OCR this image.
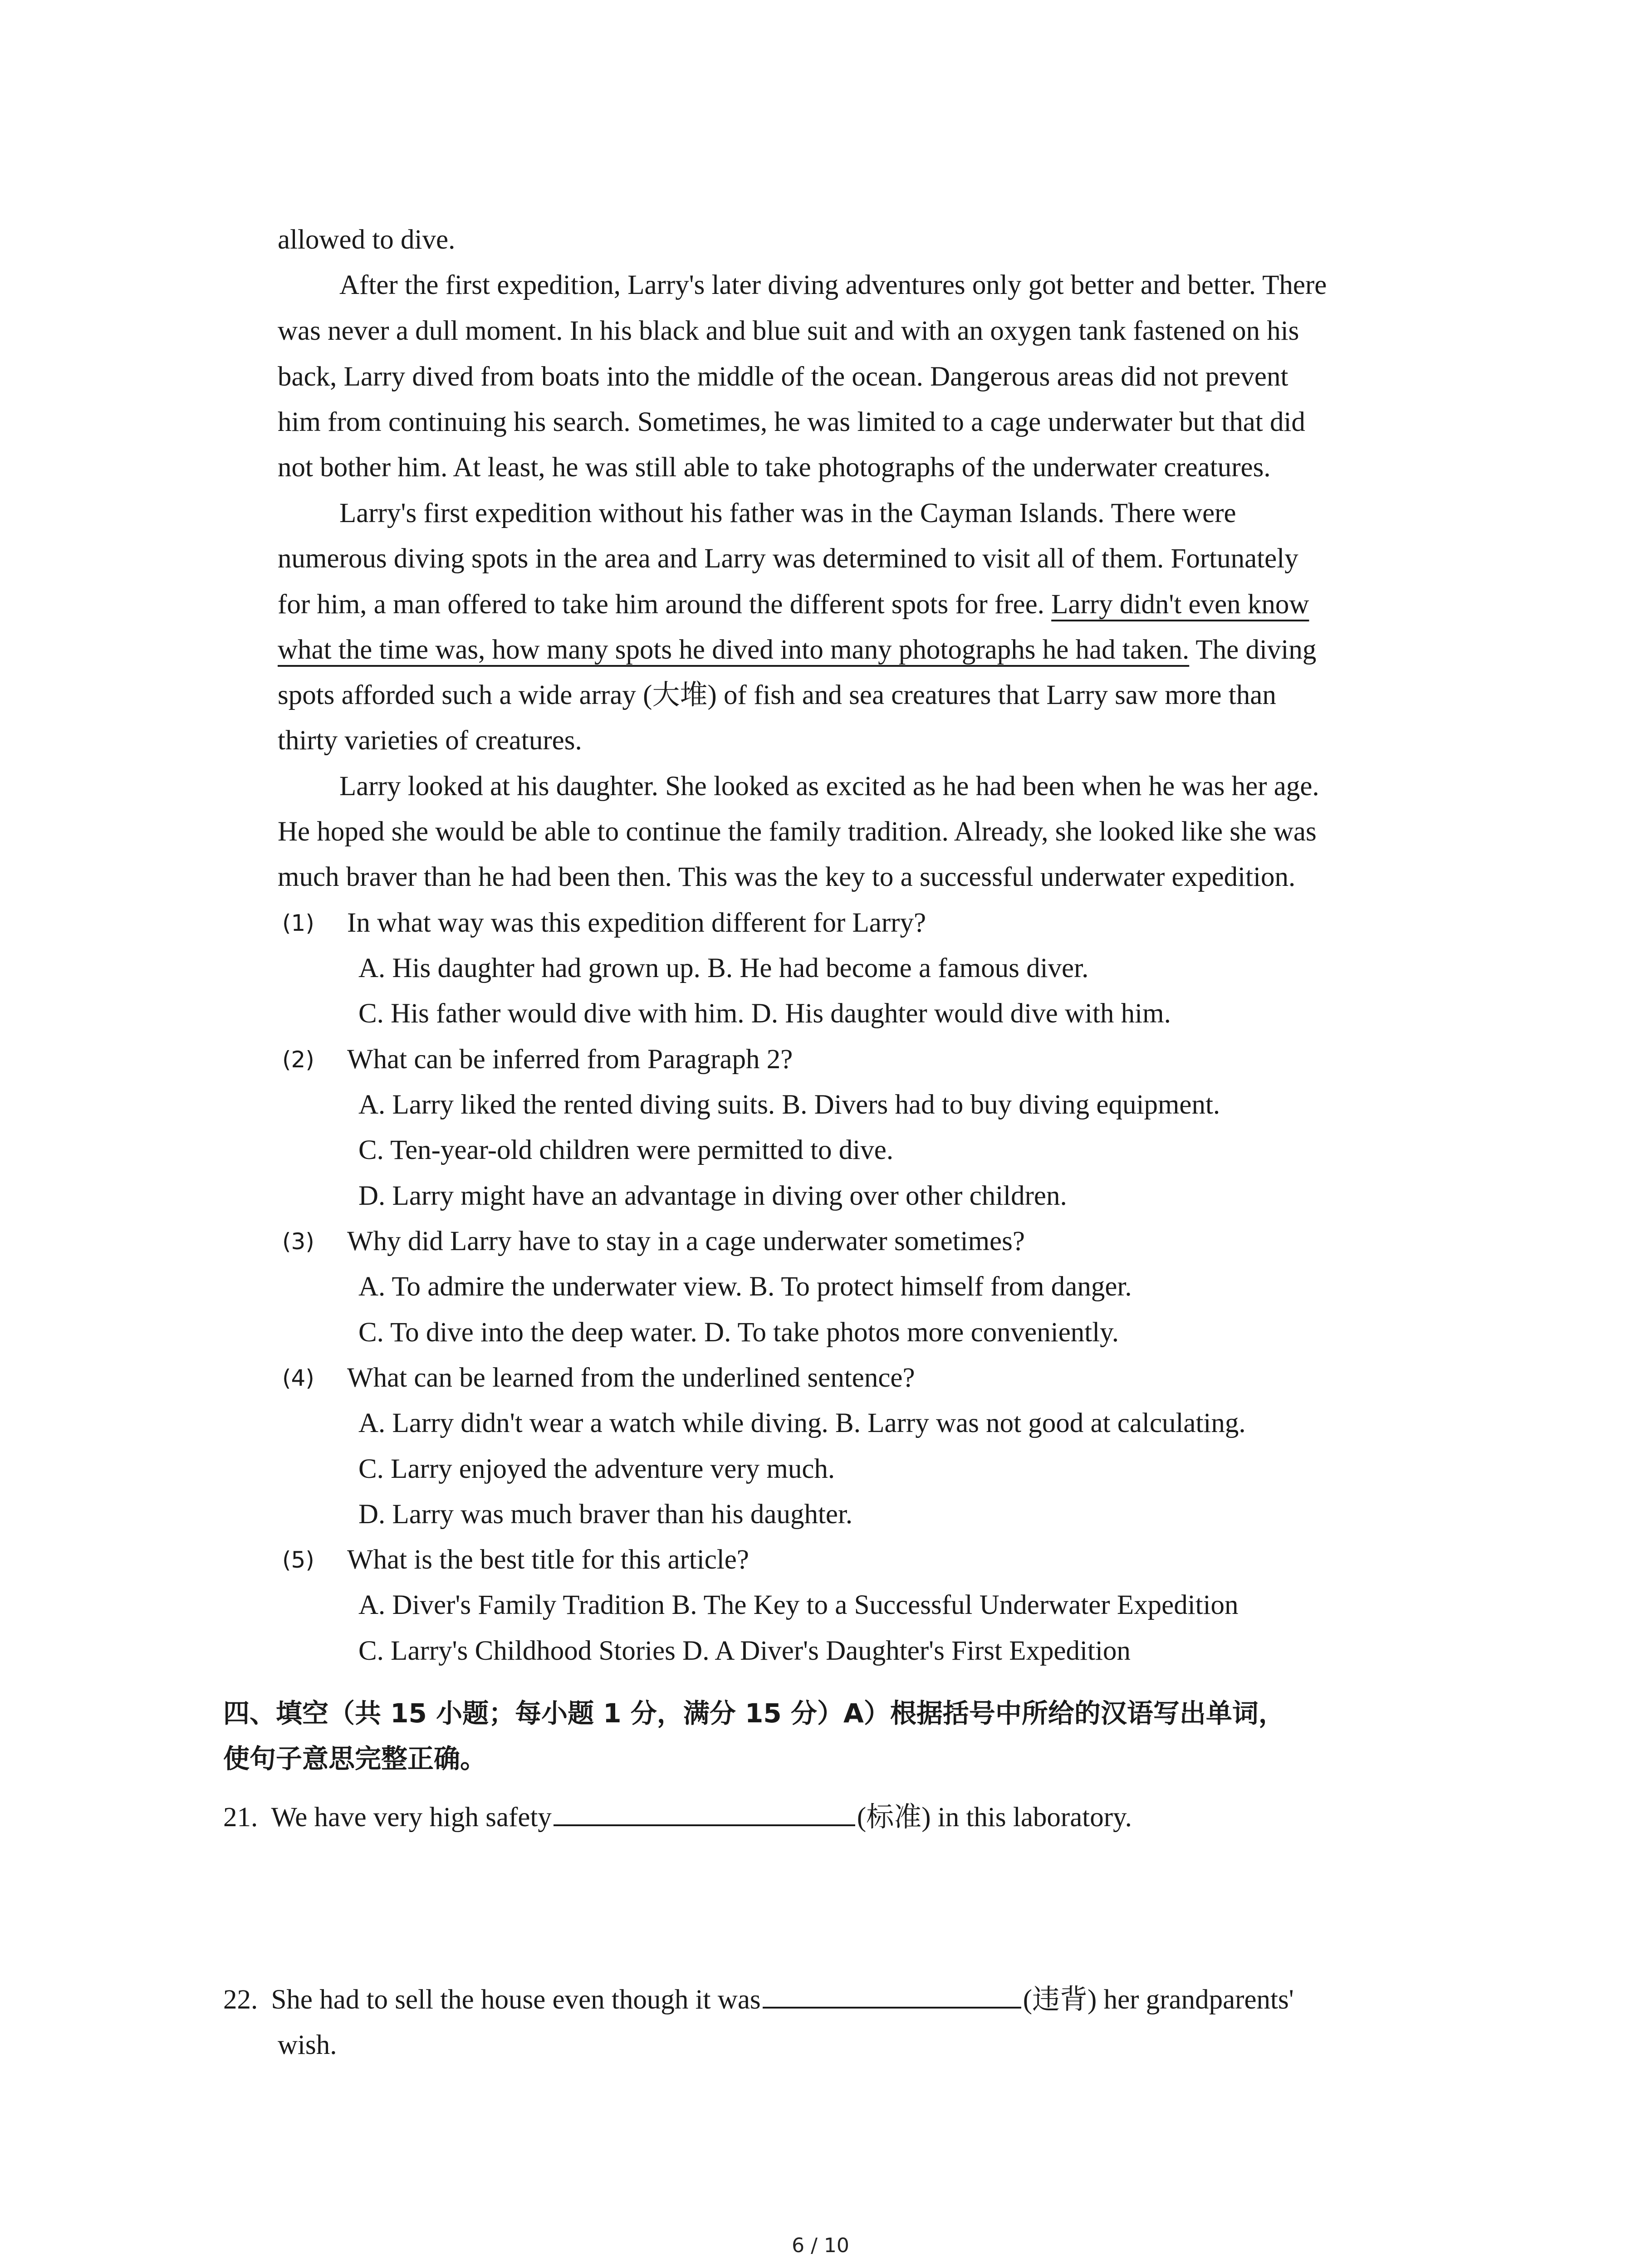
allowed to dive.
After the first expedition, Larry's later diving adventures only got better and better. There
was never a dull moment. In his black and blue suit and with an oxygen tank fastened on his
back, Larry dived from boats into the middle of the ocean. Dangerous areas did not prevent
him from continuing his search. Sometimes, he was limited to a cage underwater but that did
not bother him. At least, he was still able to take photographs of the underwater creatures.
Larry's first expedition without his father was in the Cayman Islands. There were
numerous diving spots in the area and Larry was determined to visit all of them. Fortunately
for him, a man offered to take him around the different spots for free. Larry didn't even know
what the time was, how many spots he dived into many photographs he had taken. The diving
spots afforded such a wide array (大堆) of fish and sea creatures that Larry saw more than
thirty varieties of creatures.
Larry looked at his daughter. She looked as excited as he had been when he was her age.
He hoped she would be able to continue the family tradition. Already, she looked like she was
much braver than he had been then. This was the key to a successful underwater expedition.
(1) In what way was this expedition different for Larry?
A. His daughter had grown up. B. He had become a famous diver.
C. His father would dive with him. D. His daughter would dive with him.
(2) What can be inferred from Paragraph 2?
A. Larry liked the rented diving suits. B. Divers had to buy diving equipment.
C. Ten-year-old children were permitted to dive.
D. Larry might have an advantage in diving over other children.
(3) Why did Larry have to stay in a cage underwater sometimes?
A. To admire the underwater view. B. To protect himself from danger.
C. To dive into the deep water. D. To take photos more conveniently.
(4) What can be learned from the underlined sentence?
A. Larry didn't wear a watch while diving. B. Larry was not good at calculating.
C. Larry enjoyed the adventure very much.
D. Larry was much braver than his daughter.
(5) What is the best title for this article?
A. Diver's Family Tradition B. The Key to a Successful Underwater Expedition
C. Larry's Childhood Stories D. A Diver's Daughter's First Expedition
四、填空（共 15 小题；每小题 1 分，满分 15 分）A）根据括号中所给的汉语写出单词，
使句子意思完整正确。
21. We have very high safety	(标准) in this laboratory.
22. She had to sell the house even though it was	(违背) her grandparents'
wish.
6 / 10
